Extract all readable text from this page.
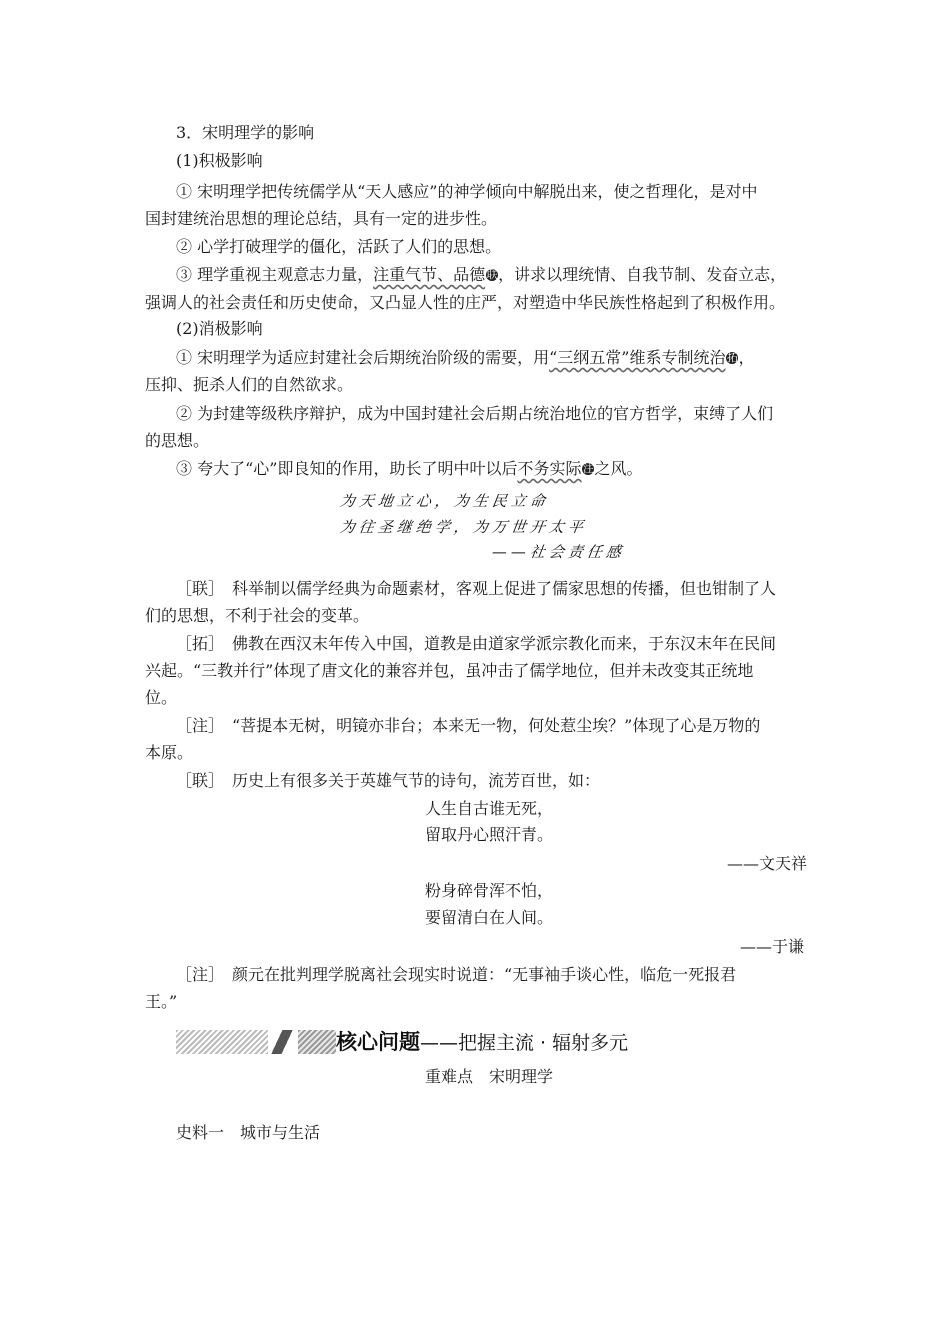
3．宋明理学的影响
(1)积极影响
① 宋明理学把传统儒学从“天人感应”的神学倾向中解脱出来，使之哲理化，是对中
国封建统治思想的理论总结，具有一定的进步性。
② 心学打破理学的僵化，活跃了人们的思想。
③ 理学重视主观意志力量，注重气节、品德 联，讲求以理统情、自我节制、发奋立志，
强调人的社会责任和历史使命，又凸显人性的庄严，对塑造中华民族性格起到了积极作用。
(2)消极影响
① 宋明理学为适应封建社会后期统治阶级的需要，用“三纲五常”维系专制统治 拓，
压抑、扼杀人们的自然欲求。
② 为封建等级秩序辩护，成为中国封建社会后期占统治地位的官方哲学，束缚了人们
的思想。
③ 夸大了“心”即良知的作用，助长了明中叶以后不务实际 注之风。
为天地立心，为生民立命
为往圣继绝学，为万世开太平
——社会责任感
［联］　科举制以儒学经典为命题素材，客观上促进了儒家思想的传播，但也钳制了人
们的思想，不利于社会的变革。
［拓］　佛教在西汉末年传入中国，道教是由道家学派宗教化而来，于东汉末年在民间
兴起。“三教并行”体现了唐文化的兼容并包，虽冲击了儒学地位，但并未改变其正统地
位。
［注］　“菩提本无树，明镜亦非台；本来无一物，何处惹尘埃？”体现了心是万物的
本原。
［联］　历史上有很多关于英雄气节的诗句，流芳百世，如：
人生自古谁无死，
留取丹心照汗青。
——文天祥
粉身碎骨浑不怕，
要留清白在人间。
——于谦
［注］　颜元在批判理学脱离社会现实时说道：“无事袖手谈心性，临危一死报君
王。”
核心问题——把握主流 · 辐射多元
重难点　宋明理学
史料一　城市与生活
